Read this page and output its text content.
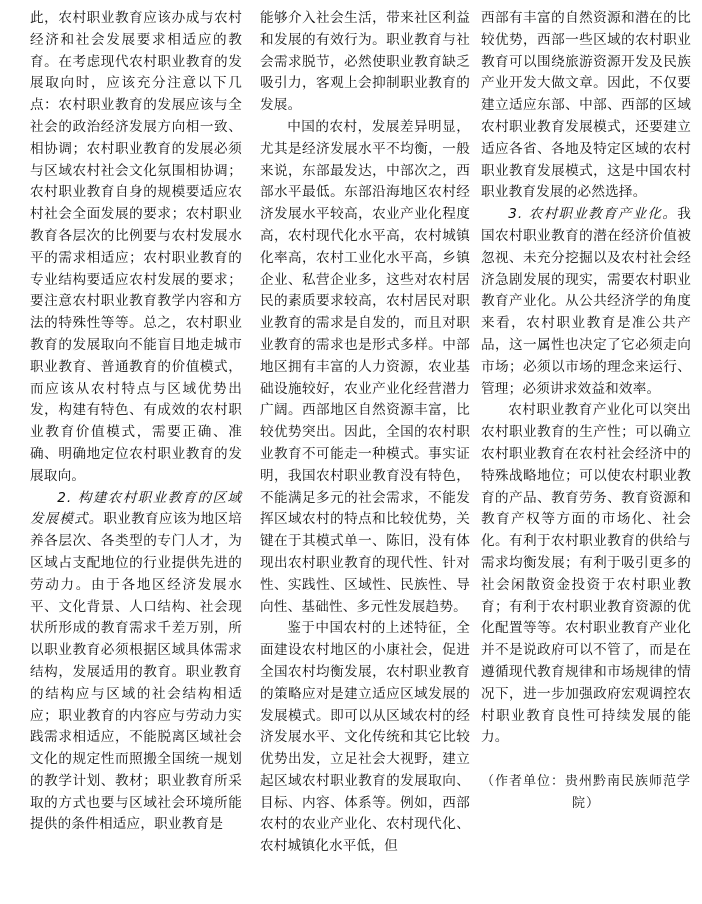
此，农村职业教育应该办成与农村经济和社会发展要求相适应的教育。在考虑现代农村职业教育的发展取向时，应该充分注意以下几点：农村职业教育的发展应该与全社会的政治经济发展方向相一致、相协调；农村职业教育的发展必须与区域农村社会文化氛围相协调；农村职业教育自身的规模要适应农村社会全面发展的要求；农村职业教育各层次的比例要与农村发展水平的需求相适应；农村职业教育的专业结构要适应农村发展的要求；要注意农村职业教育教学内容和方法的特殊性等等。总之，农村职业教育的发展取向不能盲目地走城市职业教育、普通教育的价值模式，而应该从农村特点与区域优势出发，构建有特色、有成效的农村职业教育价值模式，需要正确、准确、明确地定位农村职业教育的发展取向。

2. 构建农村职业教育的区域发展模式。职业教育应该为地区培养各层次、各类型的专门人才，为区域占支配地位的行业提供先进的劳动力。由于各地区经济发展水平、文化背景、人口结构、社会现状所形成的教育需求千差万别，所以职业教育必须根据区域具体需求结构，发展适用的教育。职业教育的结构应与区域的社会结构相适应；职业教育的内容应与劳动力实践需求相适应，不能脱离区域社会文化的规定性而照搬全国统一规划的教学计划、教材；职业教育所采取的方式也要与区域社会环境所能提供的条件相适应，职业教育是

能够介入社会生活，带来社区利益和发展的有效行为。职业教育与社会需求脱节，必然使职业教育缺乏吸引力，客观上会抑制职业教育的发展。

中国的农村，发展差异明显，尤其是经济发展水平不均衡，一般来说，东部最发达，中部次之，西部水平最低。东部沿海地区农村经济发展水平较高，农业产业化程度高，农村现代化水平高，农村城镇化率高，农村工业化水平高，乡镇企业、私营企业多，这些对农村居民的素质要求较高，农村居民对职业教育的需求是自发的，而且对职业教育的需求也是形式多样。中部地区拥有丰富的人力资源，农业基础设施较好，农业产业化经营潜力广阔。西部地区自然资源丰富，比较优势突出。因此，全国的农村职业教育不可能走一种模式。事实证明，我国农村职业教育没有特色，不能满足多元的社会需求，不能发挥区域农村的特点和比较优势，关键在于其模式单一、陈旧，没有体现出农村职业教育的现代性、针对性、实践性、区域性、民族性、导向性、基础性、多元性发展趋势。

鉴于中国农村的上述特征，全面建设农村地区的小康社会，促进全国农村均衡发展，农村职业教育的策略应对是建立适应区域发展的发展模式。即可以从区域农村的经济发展水平、文化传统和其它比较优势出发，立足社会大视野，建立起区域农村职业教育的发展取向、目标、内容、体系等。例如，西部农村的农业产业化、农村现代化、农村城镇化水平低，但

西部有丰富的自然资源和潜在的比较优势，西部一些区域的农村职业教育可以围绕旅游资源开发及民族产业开发大做文章。因此，不仅要建立适应东部、中部、西部的区域农村职业教育发展模式，还要建立适应各省、各地及特定区域的农村职业教育发展模式，这是中国农村职业教育发展的必然选择。

3. 农村职业教育产业化。我国农村职业教育的潜在经济价值被忽视、未充分挖掘以及农村社会经济急剧发展的现实，需要农村职业教育产业化。从公共经济学的角度来看，农村职业教育是准公共产品，这一属性也决定了它必须走向市场；必须以市场的理念来运行、管理；必须讲求效益和效率。

农村职业教育产业化可以突出农村职业教育的生产性；可以确立农村职业教育在农村社会经济中的特殊战略地位；可以使农村职业教育的产品、教育劳务、教育资源和教育产权等方面的市场化、社会化。有利于农村职业教育的供给与需求均衡发展；有利于吸引更多的社会闲散资金投资于农村职业教育；有利于农村职业教育资源的优化配置等等。农村职业教育产业化并不是说政府可以不管了，而是在遵循现代教育规律和市场规律的情况下，进一步加强政府宏观调控农村职业教育良性可持续发展的能力。

（作者单位：贵州黔南民族师范学院）
